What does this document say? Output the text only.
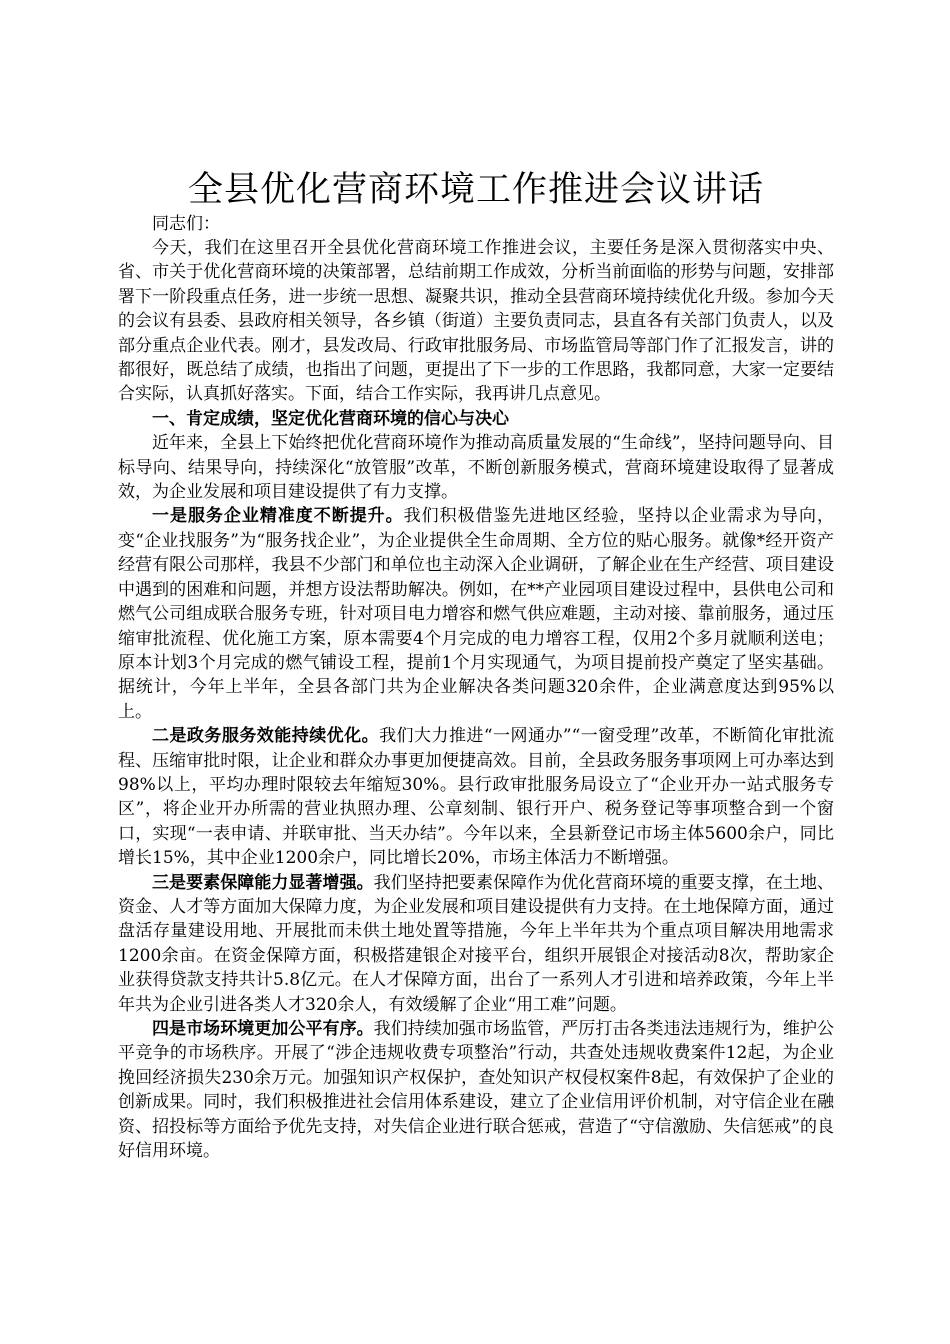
全县优化营商环境工作推进会议讲话

同志们：

今天，我们在这里召开全县优化营商环境工作推进会议，主要任务是深入贯彻落实中央、省、市关于优化营商环境的决策部署，总结前期工作成效，分析当前面临的形势与问题，安排部署下一阶段重点任务，进一步统一思想、凝聚共识，推动全县营商环境持续优化升级。参加今天的会议有县委、县政府相关领导，各乡镇（街道）主要负责同志，县直各有关部门负责人，以及部分重点企业代表。刚才，县发改局、行政审批服务局、市场监管局等部门作了汇报发言，讲的都很好，既总结了成绩，也指出了问题，更提出了下一步的工作思路，我都同意，大家一定要结合实际，认真抓好落实。下面，结合工作实际，我再讲几点意见。

一、肯定成绩，坚定优化营商环境的信心与决心

近年来，全县上下始终把优化营商环境作为推动高质量发展的“生命线”，坚持问题导向、目标导向、结果导向，持续深化“放管服”改革，不断创新服务模式，营商环境建设取得了显著成效，为企业发展和项目建设提供了有力支撑。

一是服务企业精准度不断提升。我们积极借鉴先进地区经验，坚持以企业需求为导向，变“企业找服务”为“服务找企业”，为企业提供全生命周期、全方位的贴心服务。就像*经开资产经营有限公司那样，我县不少部门和单位也主动深入企业调研，了解企业在生产经营、项目建设中遇到的困难和问题，并想方设法帮助解决。例如，在**产业园项目建设过程中，县供电公司和燃气公司组成联合服务专班，针对项目电力增容和燃气供应难题，主动对接、靠前服务，通过压缩审批流程、优化施工方案，原本需要4个月完成的电力增容工程，仅用2个多月就顺利送电；原本计划3个月完成的燃气铺设工程，提前1个月实现通气，为项目提前投产奠定了坚实基础。据统计，今年上半年，全县各部门共为企业解决各类问题320余件，企业满意度达到95%以上。

二是政务服务效能持续优化。我们大力推进“一网通办”“一窗受理”改革，不断简化审批流程、压缩审批时限，让企业和群众办事更加便捷高效。目前，全县政务服务事项网上可办率达到98%以上，平均办理时限较去年缩短30%。县行政审批服务局设立了“企业开办一站式服务专区”，将企业开办所需的营业执照办理、公章刻制、银行开户、税务登记等事项整合到一个窗口，实现“一表申请、并联审批、当天办结”。今年以来，全县新登记市场主体5600余户，同比增长15%，其中企业1200余户，同比增长20%，市场主体活力不断增强。

三是要素保障能力显著增强。我们坚持把要素保障作为优化营商环境的重要支撑，在土地、资金、人才等方面加大保障力度，为企业发展和项目建设提供有力支持。在土地保障方面，通过盘活存量建设用地、开展批而未供土地处置等措施，今年上半年共为个重点项目解决用地需求1200余亩。在资金保障方面，积极搭建银企对接平台，组织开展银企对接活动8次，帮助家企业获得贷款支持共计5.8亿元。在人才保障方面，出台了一系列人才引进和培养政策，今年上半年共为企业引进各类人才320余人，有效缓解了企业“用工难”问题。

四是市场环境更加公平有序。我们持续加强市场监管，严厉打击各类违法违规行为，维护公平竞争的市场秩序。开展了“涉企违规收费专项整治”行动，共查处违规收费案件12起，为企业挽回经济损失230余万元。加强知识产权保护，查处知识产权侵权案件8起，有效保护了企业的创新成果。同时，我们积极推进社会信用体系建设，建立了企业信用评价机制，对守信企业在融资、招投标等方面给予优先支持，对失信企业进行联合惩戒，营造了“守信激励、失信惩戒”的良好信用环境。
